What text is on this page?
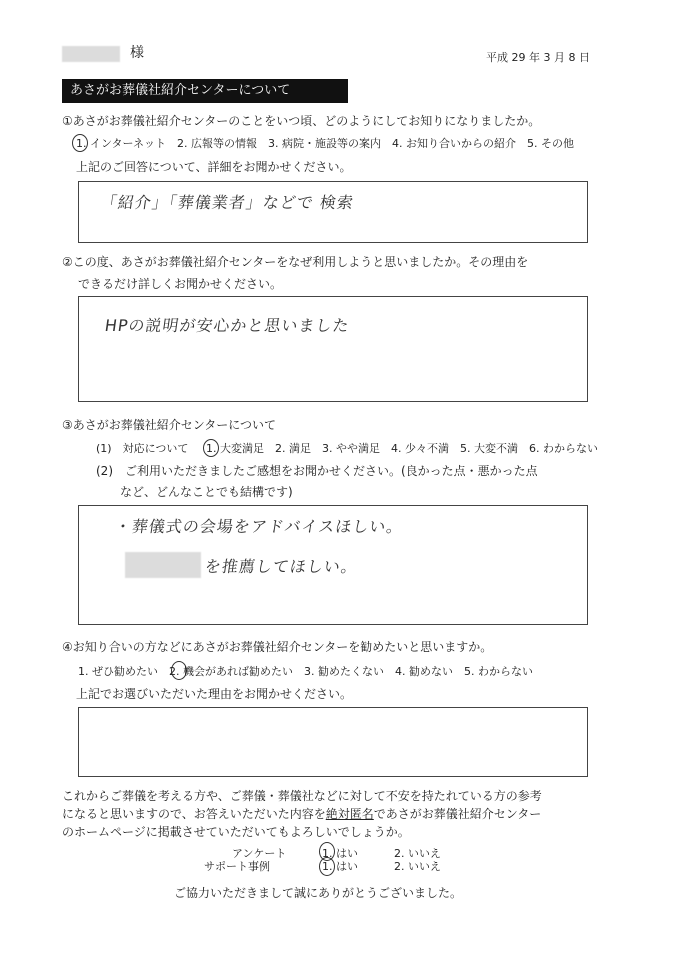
様	平成 29 年 3 月 8 日
あさがお葬儀社紹介センターについて
①あさがお葬儀社紹介センターのことをいつ頃、どのようにしてお知りになりましたか。
1. インターネット　2. 広報等の情報　3. 病院・施設等の案内　4. お知り合いからの紹介　5. その他
上記のご回答について、詳細をお聞かせください。
「紹介」「葬儀業者」などで 検索
②この度、あさがお葬儀社紹介センターをなぜ利用しようと思いましたか。その理由を
できるだけ詳しくお聞かせください。
HPの説明が安心かと思いました
③あさがお葬儀社紹介センターについて
(1)　対応について 1. 大変満足　2. 満足　3. やや満足　4. 少々不満　5. 大変不満　6. わからない
(2)　ご利用いただきましたご感想をお聞かせください。(良かった点・悪かった点
など、どんなことでも結構です)
・葬儀式の会場をアドバイスほしい。
を推薦してほしい。
④お知り合いの方などにあさがお葬儀社紹介センターを勧めたいと思いますか。
1. ぜひ勧めたい　2. 機会があれば勧めたい　3. 勧めたくない　4. 勧めない　5. わからない
上記でお選びいただいた理由をお聞かせください。
これからご葬儀を考える方や、ご葬儀・葬儀社などに対して不安を持たれている方の参考
になると思いますので、お答えいただいた内容を絶対匿名であさがお葬儀社紹介センター
のホームページに掲載させていただいてもよろしいでしょうか。
アンケート	1. はい	2. いいえ
サポート事例	1. はい	2. いいえ
ご協力いただきまして誠にありがとうございました。
